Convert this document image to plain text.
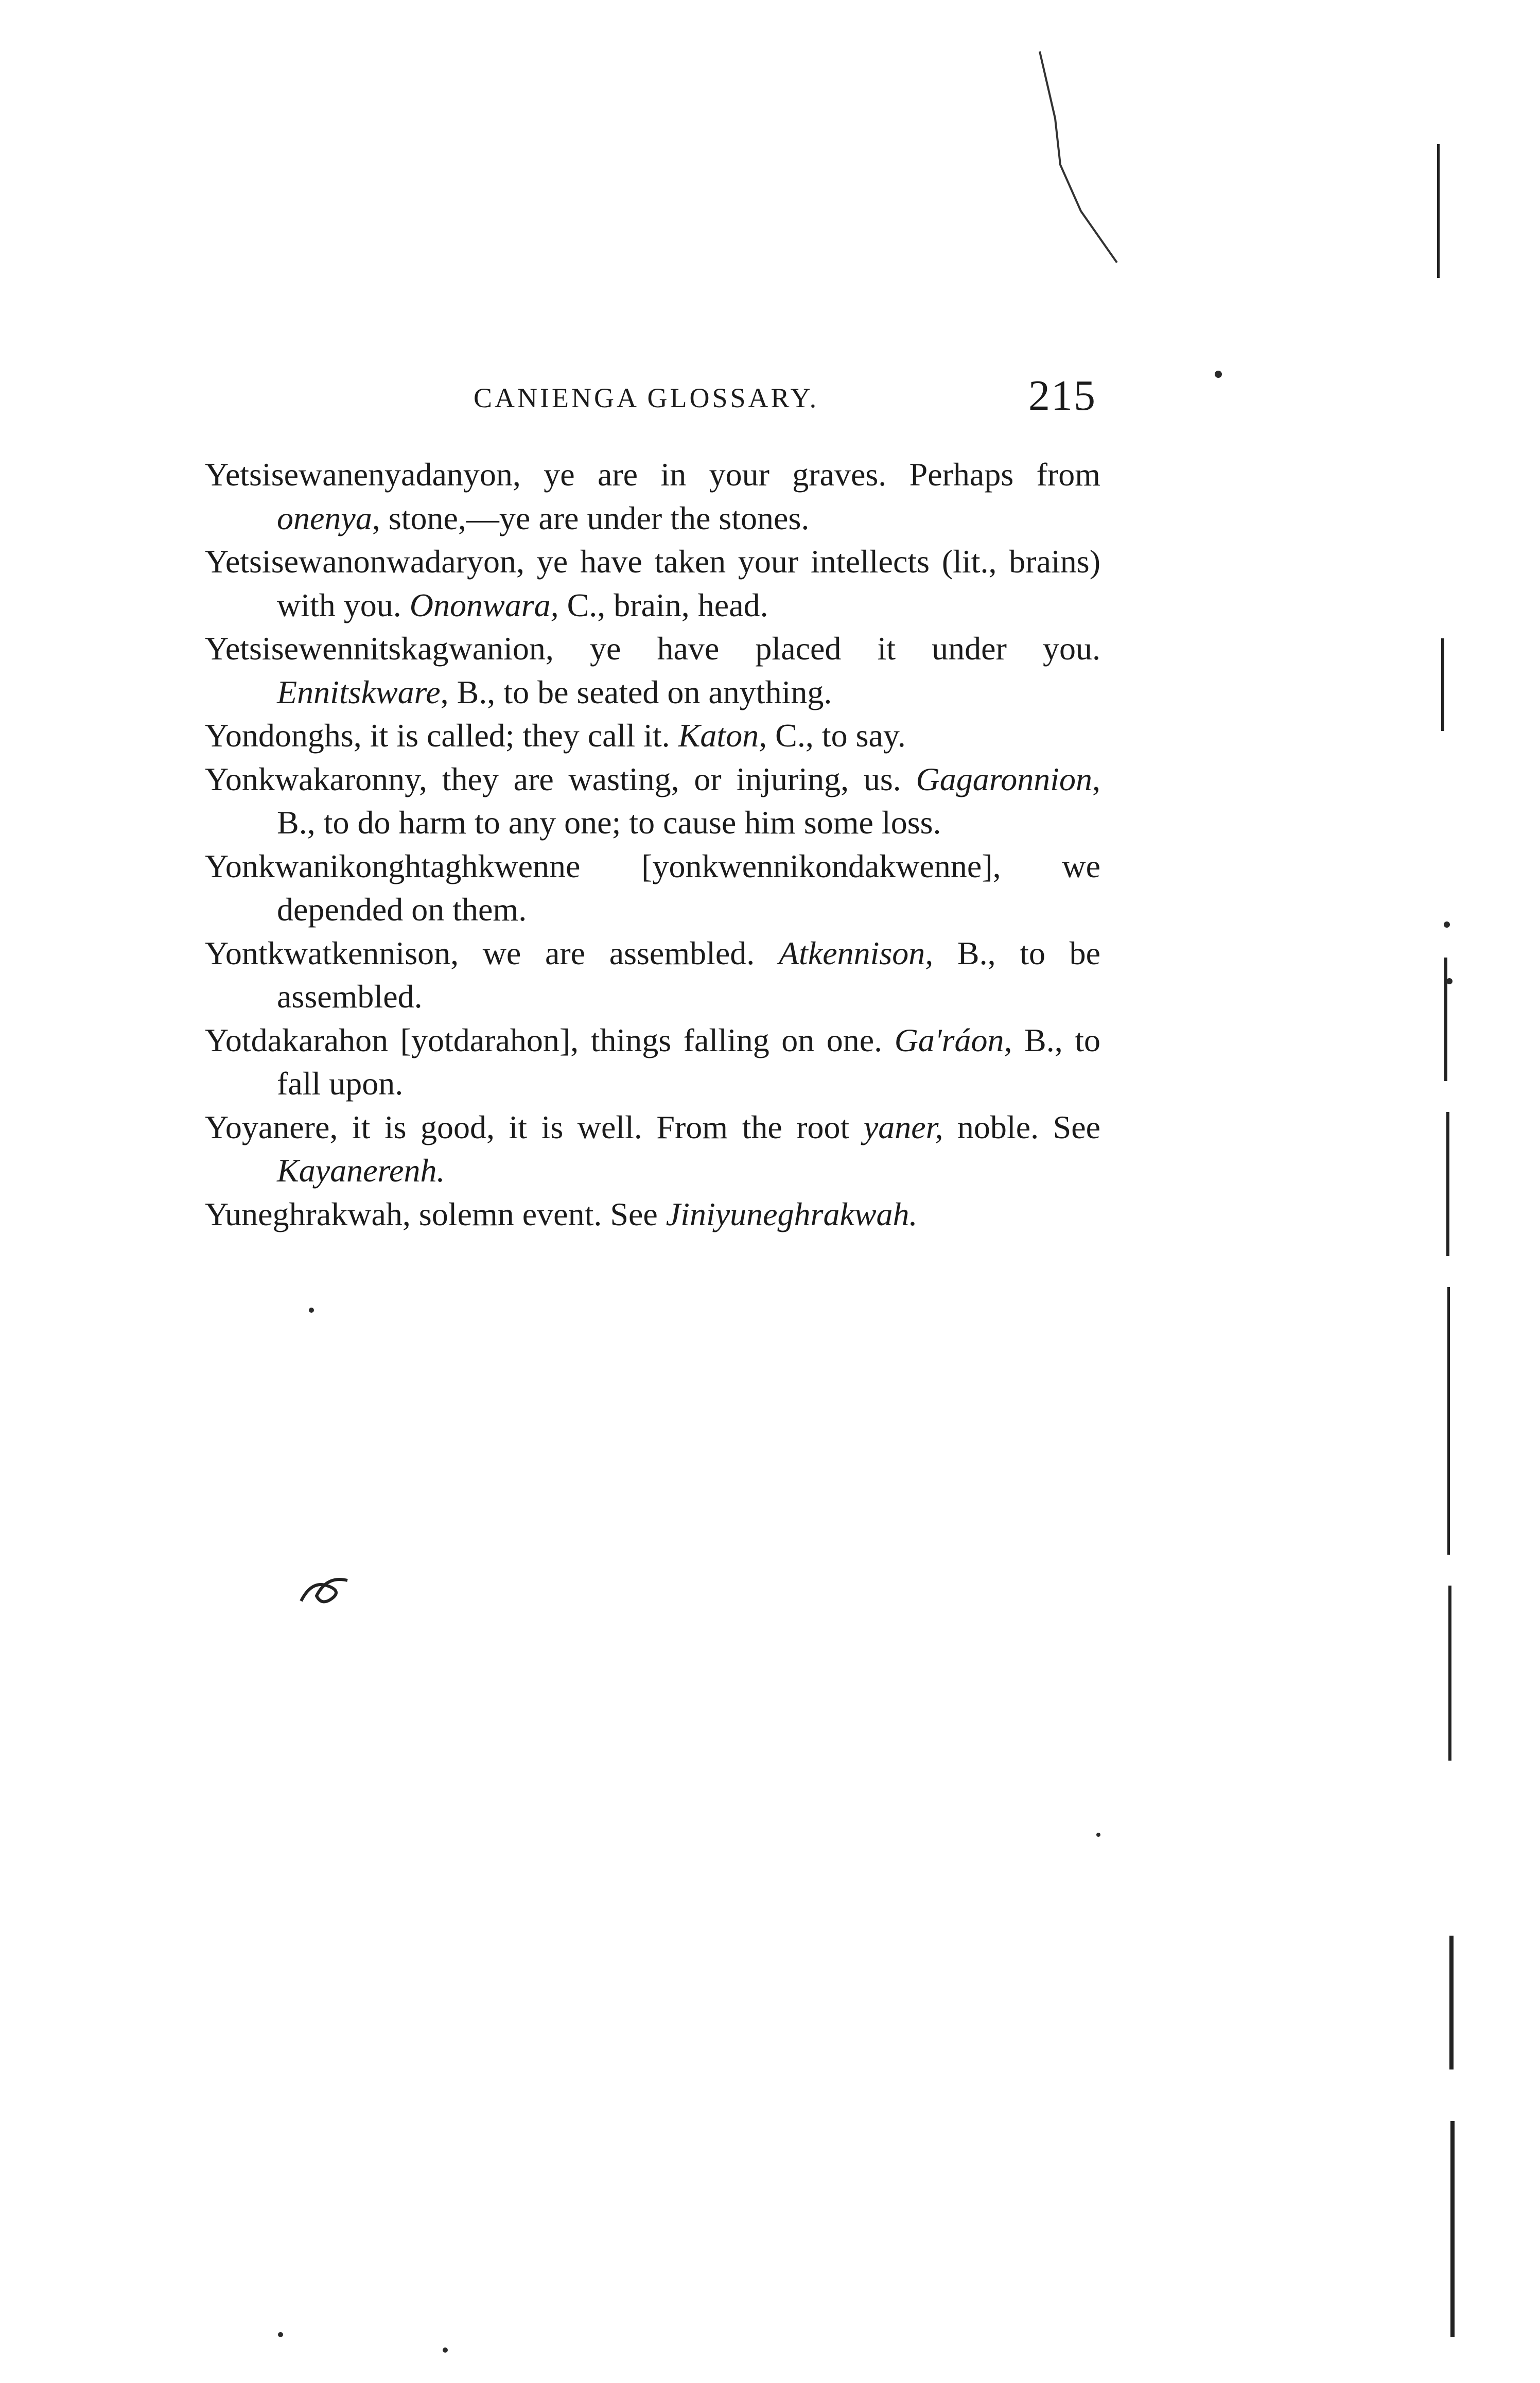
CANIENGA GLOSSARY.	215

Yetsisewanenyadanyon, ye are in your graves. Perhaps from onenya, stone,—ye are under the stones.

Yetsisewanonwadaryon, ye have taken your intellects (lit., brains) with you. Ononwara, C., brain, head.

Yetsisewennitskagwanion, ye have placed it under you. Ennitskware, B., to be seated on anything.

Yondonghs, it is called; they call it. Katon, C., to say.

Yonkwakaronny, they are wasting, or injuring, us. Gagaronnion, B., to do harm to any one; to cause him some loss.

Yonkwanikonghtaghkwenne [yonkwennikondakwenne], we depended on them.

Yontkwatkennison, we are assembled. Atkennison, B., to be assembled.

Yotdakarahon [yotdarahon], things falling on one. Ga'ráon, B., to fall upon.

Yoyanere, it is good, it is well. From the root yaner, noble. See Kayanerenh.

Yuneghrakwah, solemn event. See Jiniyuneghrakwah.
